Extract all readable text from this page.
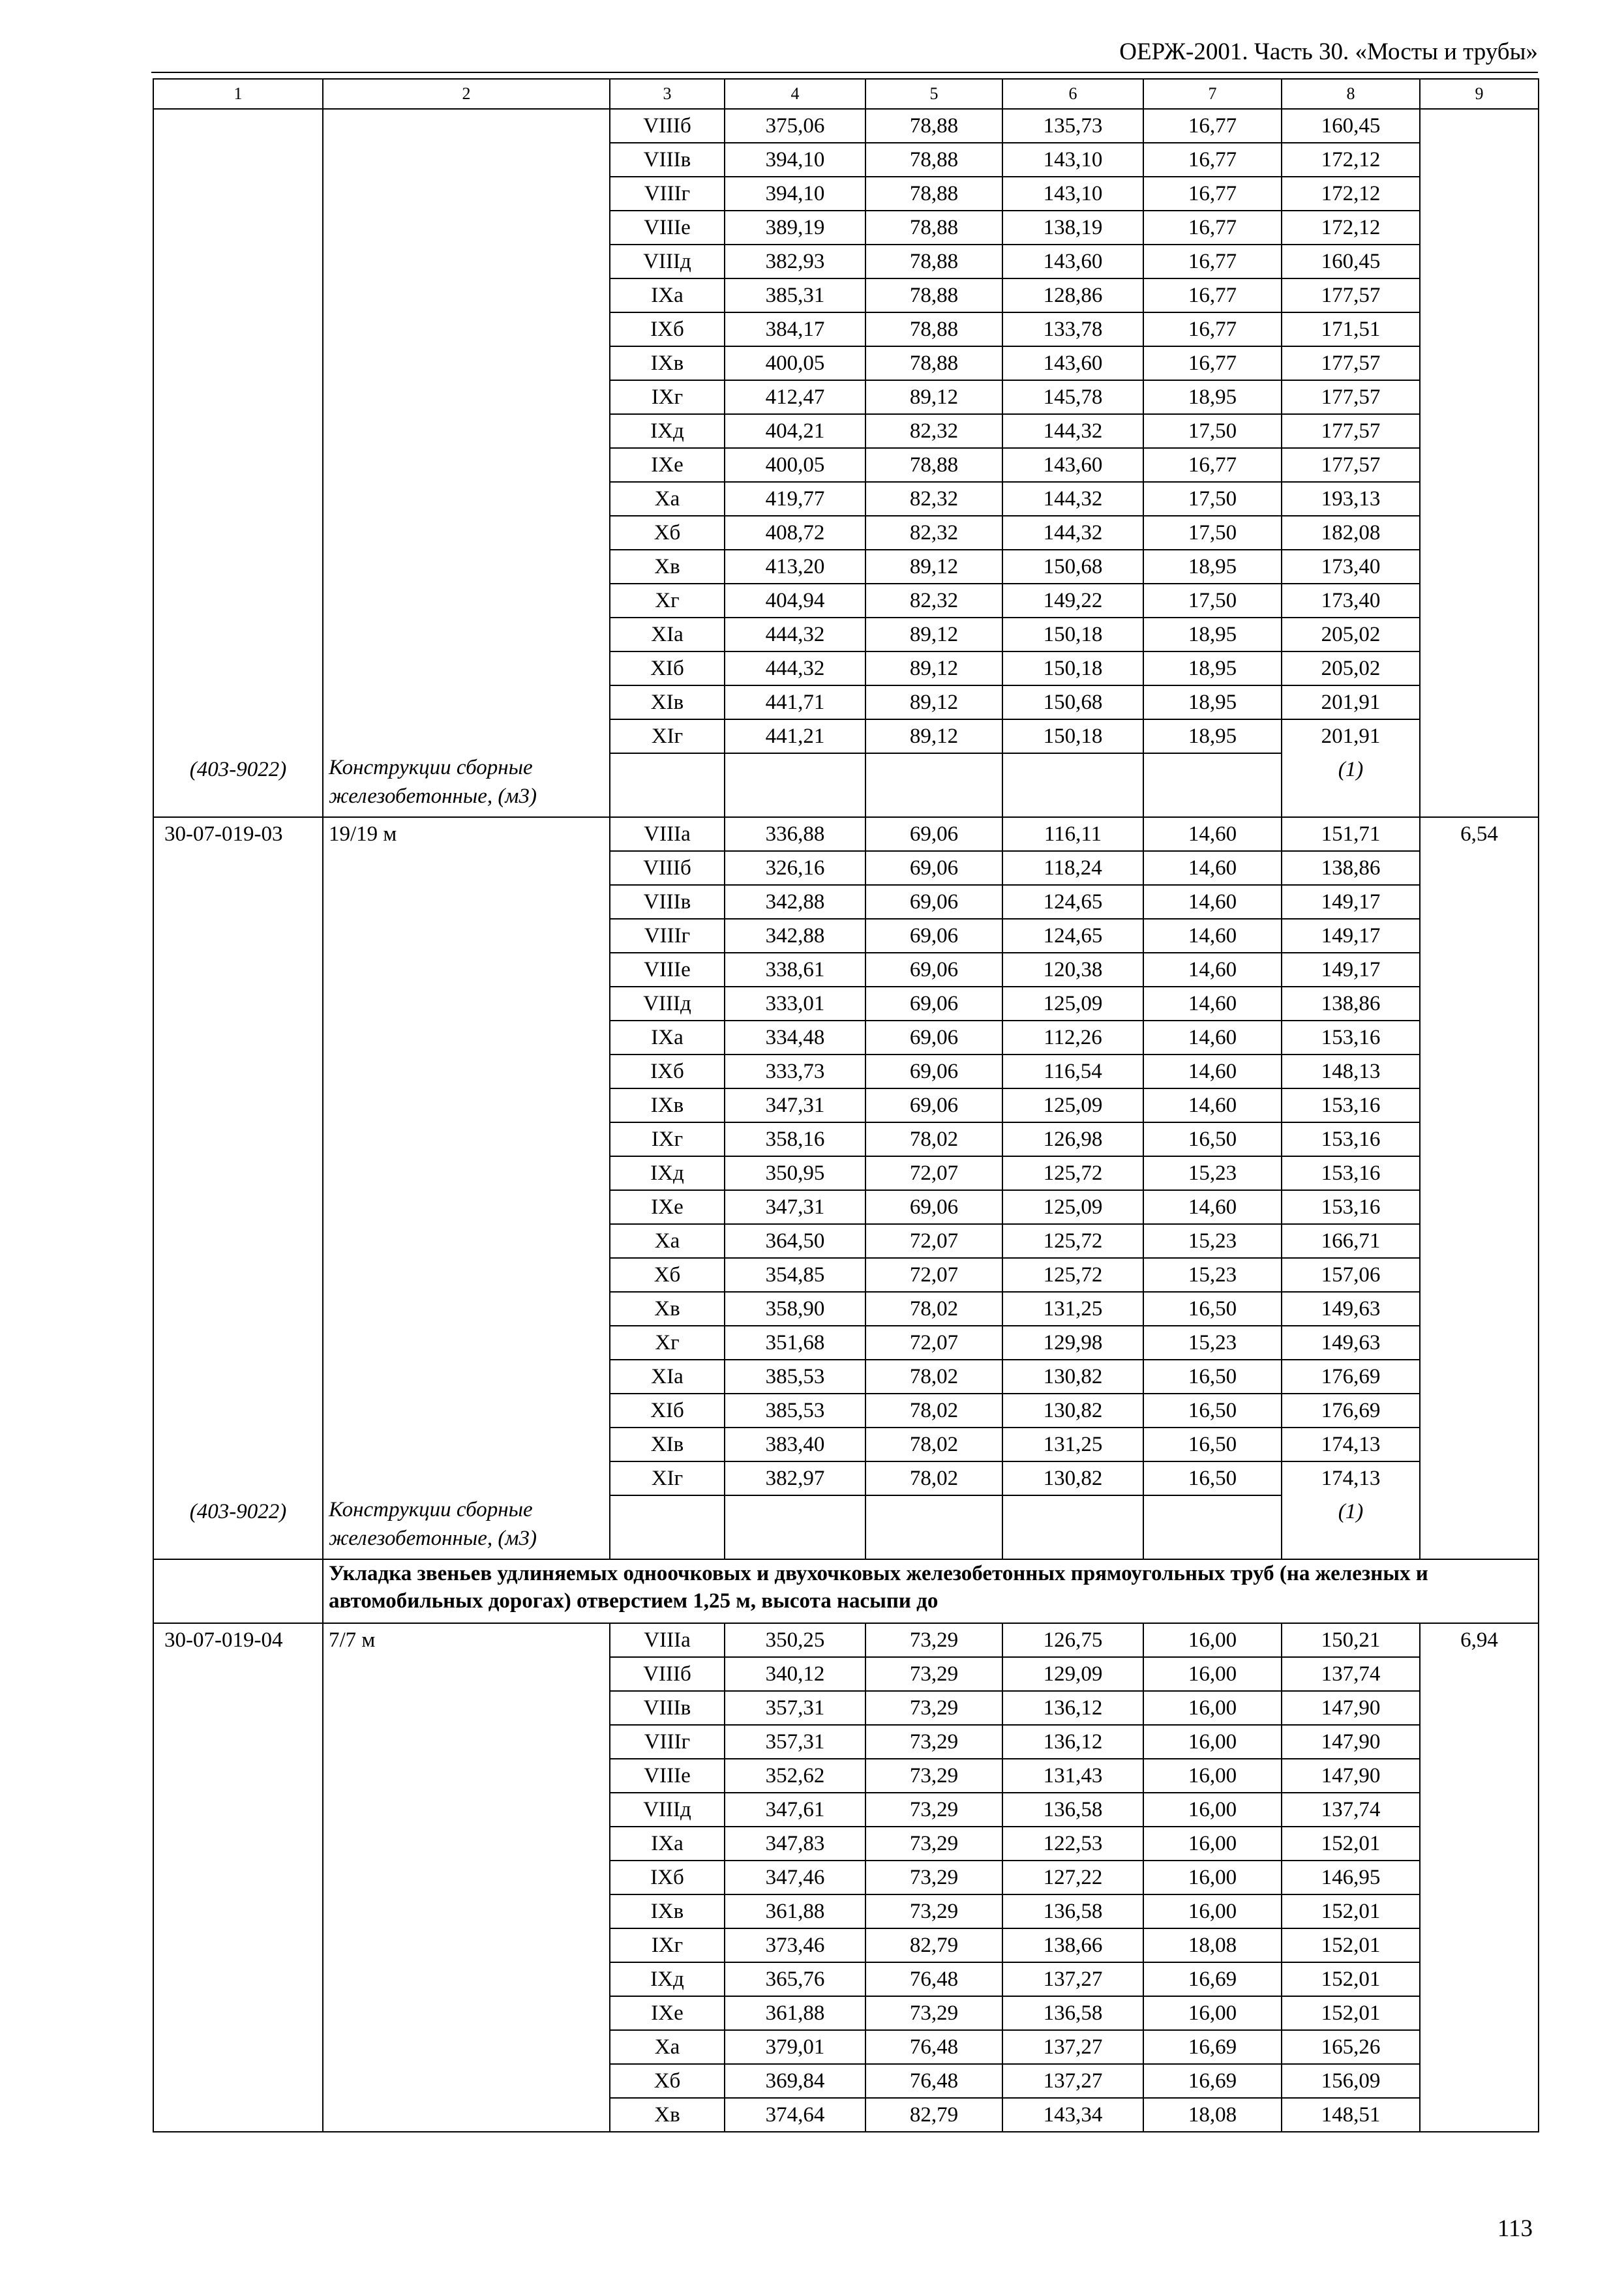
ОЕРЖ-2001. Часть 30. «Мосты и трубы»
1	2	3	4	5	6	7	8	9
		VIIIб	375,06	78,88	135,73	16,77	160,45	
		VIIIв	394,10	78,88	143,10	16,77	172,12	
		VIIIг	394,10	78,88	143,10	16,77	172,12	
		VIIIе	389,19	78,88	138,19	16,77	172,12	
		VIIIд	382,93	78,88	143,60	16,77	160,45	
		IXа	385,31	78,88	128,86	16,77	177,57	
		IXб	384,17	78,88	133,78	16,77	171,51	
		IXв	400,05	78,88	143,60	16,77	177,57	
		IXг	412,47	89,12	145,78	18,95	177,57	
		IXд	404,21	82,32	144,32	17,50	177,57	
		IXе	400,05	78,88	143,60	16,77	177,57	
		Xа	419,77	82,32	144,32	17,50	193,13	
		Xб	408,72	82,32	144,32	17,50	182,08	
		Xв	413,20	89,12	150,68	18,95	173,40	
		Xг	404,94	82,32	149,22	17,50	173,40	
		XIа	444,32	89,12	150,18	18,95	205,02	
		XIб	444,32	89,12	150,18	18,95	205,02	
		XIв	441,71	89,12	150,68	18,95	201,91	
		XIг	441,21	89,12	150,18	18,95	201,91	
(403-9022)	Конструкции сборные железобетонные, (м3)						(1)	
30-07-019-03	19/19 м	VIIIа	336,88	69,06	116,11	14,60	151,71	6,54
		VIIIб	326,16	69,06	118,24	14,60	138,86	
		VIIIв	342,88	69,06	124,65	14,60	149,17	
		VIIIг	342,88	69,06	124,65	14,60	149,17	
		VIIIе	338,61	69,06	120,38	14,60	149,17	
		VIIIд	333,01	69,06	125,09	14,60	138,86	
		IXа	334,48	69,06	112,26	14,60	153,16	
		IXб	333,73	69,06	116,54	14,60	148,13	
		IXв	347,31	69,06	125,09	14,60	153,16	
		IXг	358,16	78,02	126,98	16,50	153,16	
		IXд	350,95	72,07	125,72	15,23	153,16	
		IXе	347,31	69,06	125,09	14,60	153,16	
		Xа	364,50	72,07	125,72	15,23	166,71	
		Xб	354,85	72,07	125,72	15,23	157,06	
		Xв	358,90	78,02	131,25	16,50	149,63	
		Xг	351,68	72,07	129,98	15,23	149,63	
		XIа	385,53	78,02	130,82	16,50	176,69	
		XIб	385,53	78,02	130,82	16,50	176,69	
		XIв	383,40	78,02	131,25	16,50	174,13	
		XIг	382,97	78,02	130,82	16,50	174,13	
(403-9022)	Конструкции сборные железобетонные, (м3)						(1)	
	Укладка звеньев удлиняемых одноочковых и двухочковых железобетонных прямоугольных труб (на железных и автомобильных дорогах) отверстием 1,25 м, высота насыпи до							
30-07-019-04	7/7 м	VIIIа	350,25	73,29	126,75	16,00	150,21	6,94
		VIIIб	340,12	73,29	129,09	16,00	137,74	
		VIIIв	357,31	73,29	136,12	16,00	147,90	
		VIIIг	357,31	73,29	136,12	16,00	147,90	
		VIIIе	352,62	73,29	131,43	16,00	147,90	
		VIIIд	347,61	73,29	136,58	16,00	137,74	
		IXа	347,83	73,29	122,53	16,00	152,01	
		IXб	347,46	73,29	127,22	16,00	146,95	
		IXв	361,88	73,29	136,58	16,00	152,01	
		IXг	373,46	82,79	138,66	18,08	152,01	
		IXд	365,76	76,48	137,27	16,69	152,01	
		IXе	361,88	73,29	136,58	16,00	152,01	
		Xа	379,01	76,48	137,27	16,69	165,26	
		Xб	369,84	76,48	137,27	16,69	156,09	
		Xв	374,64	82,79	143,34	18,08	148,51	
113
